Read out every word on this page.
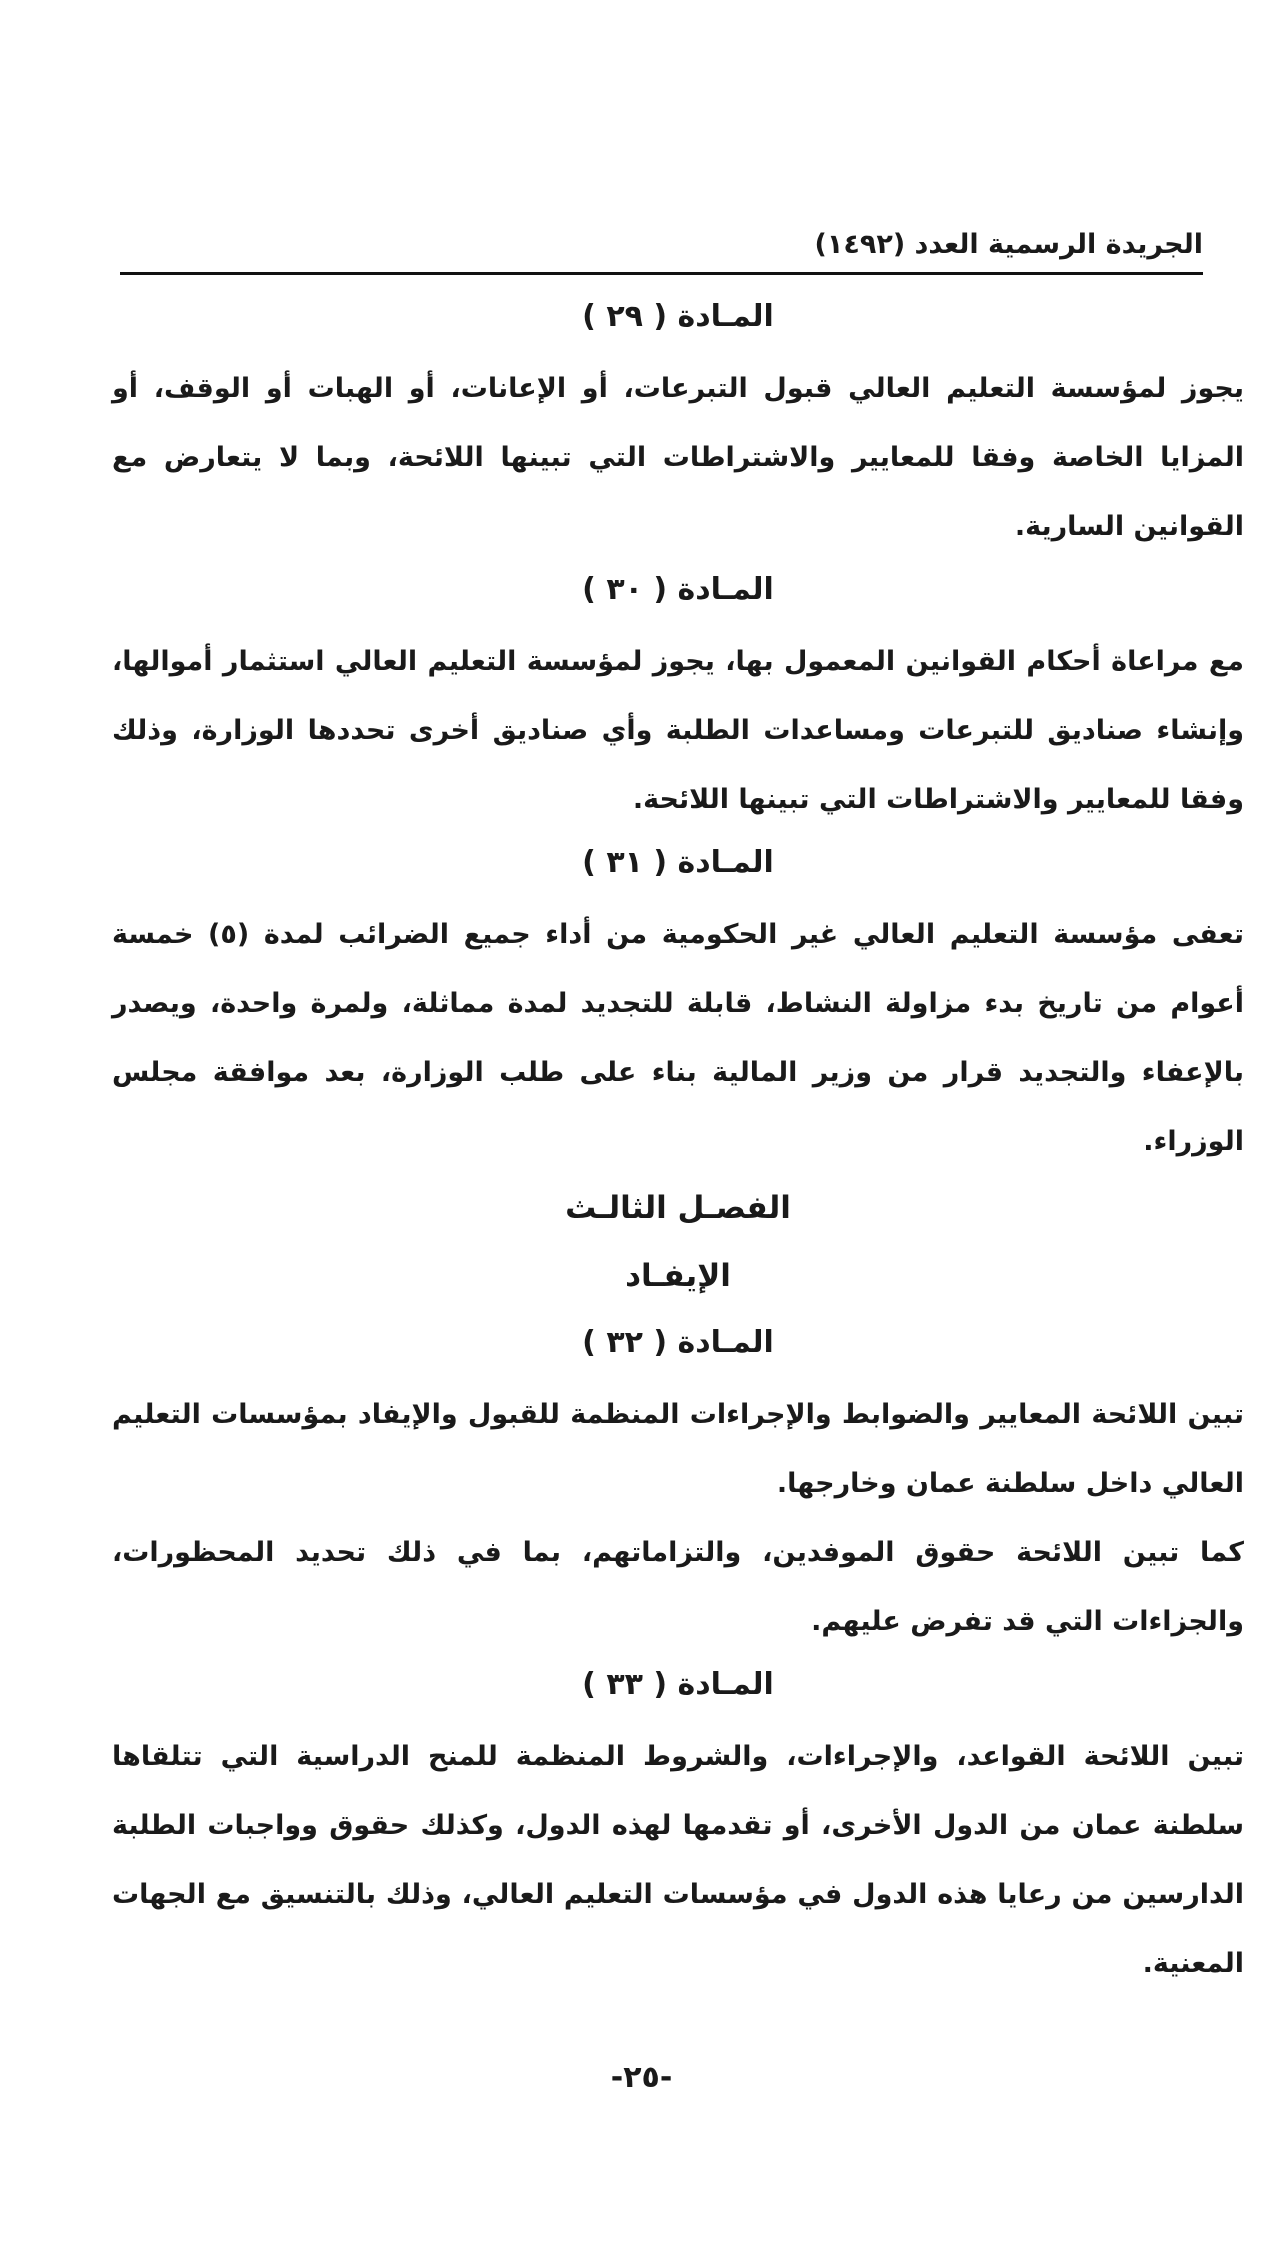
الجريدة الرسمية العدد (١٤٩٢)
المـادة ( ٢٩ )

يجوز لمؤسسة التعليم العالي قبول التبرعات، أو الإعانات، أو الهبات أو الوقف، أو المزايا الخاصة وفقا للمعايير والاشتراطات التي تبينها اللائحة، وبما لا يتعارض مع القوانين السارية.

المـادة ( ٣٠ )

مع مراعاة أحكام القوانين المعمول بها، يجوز لمؤسسة التعليم العالي استثمار أموالها، وإنشاء صناديق للتبرعات ومساعدات الطلبة وأي صناديق أخرى تحددها الوزارة، وذلك وفقا للمعايير والاشتراطات التي تبينها اللائحة.

المـادة ( ٣١ )

تعفى مؤسسة التعليم العالي غير الحكومية من أداء جميع الضرائب لمدة (٥) خمسة أعوام من تاريخ بدء مزاولة النشاط، قابلة للتجديد لمدة مماثلة، ولمرة واحدة، ويصدر بالإعفاء والتجديد قرار من وزير المالية بناء على طلب الوزارة، بعد موافقة مجلس الوزراء.

الفصـل الثالـث
الإيفـاد
المـادة ( ٣٢ )

تبين اللائحة المعايير والضوابط والإجراءات المنظمة للقبول والإيفاد بمؤسسات التعليم العالي داخل سلطنة عمان وخارجها.

كما تبين اللائحة حقوق الموفدين، والتزاماتهم، بما في ذلك تحديد المحظورات، والجزاءات التي قد تفرض عليهم.

المـادة ( ٣٣ )

تبين اللائحة القواعد، والإجراءات، والشروط المنظمة للمنح الدراسية التي تتلقاها سلطنة عمان من الدول الأخرى، أو تقدمها لهذه الدول، وكذلك حقوق وواجبات الطلبة الدارسين من رعايا هذه الدول في مؤسسات التعليم العالي، وذلك بالتنسيق مع الجهات المعنية.

-٢٥-
